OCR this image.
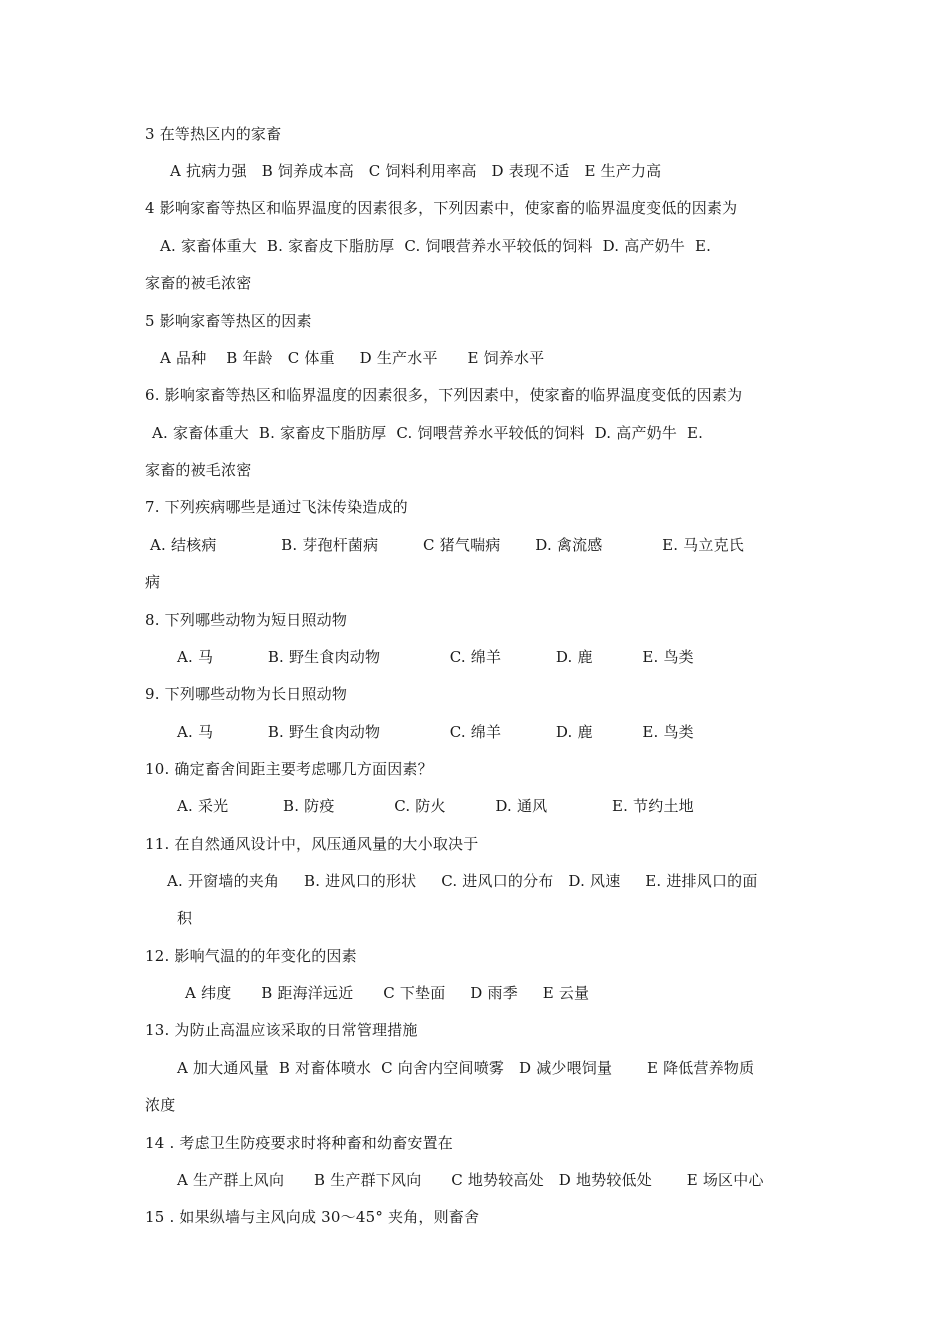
3 在等热区内的家畜
A 抗病力强   B 饲养成本高   C 饲料利用率高   D 表现不适   E 生产力高
4 影响家畜等热区和临界温度的因素很多，下列因素中，使家畜的临界温度变低的因素为
A. 家畜体重大  B. 家畜皮下脂肪厚  C. 饲喂营养水平较低的饲料  D. 高产奶牛  E.
家畜的被毛浓密
5 影响家畜等热区的因素
A 品种    B 年龄   C 体重     D 生产水平      E 饲养水平
6. 影响家畜等热区和临界温度的因素很多，下列因素中，使家畜的临界温度变低的因素为
A. 家畜体重大  B. 家畜皮下脂肪厚  C. 饲喂营养水平较低的饲料  D. 高产奶牛  E.
家畜的被毛浓密
7. 下列疾病哪些是通过飞沫传染造成的
A. 结核病             B. 芽孢杆菌病         C 猪气喘病       D. 禽流感            E. 马立克氏
病
8. 下列哪些动物为短日照动物
A. 马           B. 野生食肉动物              C. 绵羊           D. 鹿          E. 鸟类
9. 下列哪些动物为长日照动物
A. 马           B. 野生食肉动物              C. 绵羊           D. 鹿          E. 鸟类
10. 确定畜舍间距主要考虑哪几方面因素？
A. 采光           B. 防疫            C. 防火          D. 通风             E. 节约土地
11. 在自然通风设计中，风压通风量的大小取决于
A. 开窗墙的夹角     B. 进风口的形状     C. 进风口的分布   D. 风速     E. 进排风口的面
积
12. 影响气温的的年变化的因素
A 纬度      B 距海洋远近      C 下垫面     D 雨季     E 云量
13. 为防止高温应该采取的日常管理措施
A 加大通风量  B 对畜体喷水  C 向舍内空间喷雾   D 减少喂饲量       E 降低营养物质
浓度
14 . 考虑卫生防疫要求时将种畜和幼畜安置在
A 生产群上风向      B 生产群下风向      C 地势较高处   D 地势较低处       E 场区中心
15 . 如果纵墙与主风向成 30～45° 夹角，则畜舍
